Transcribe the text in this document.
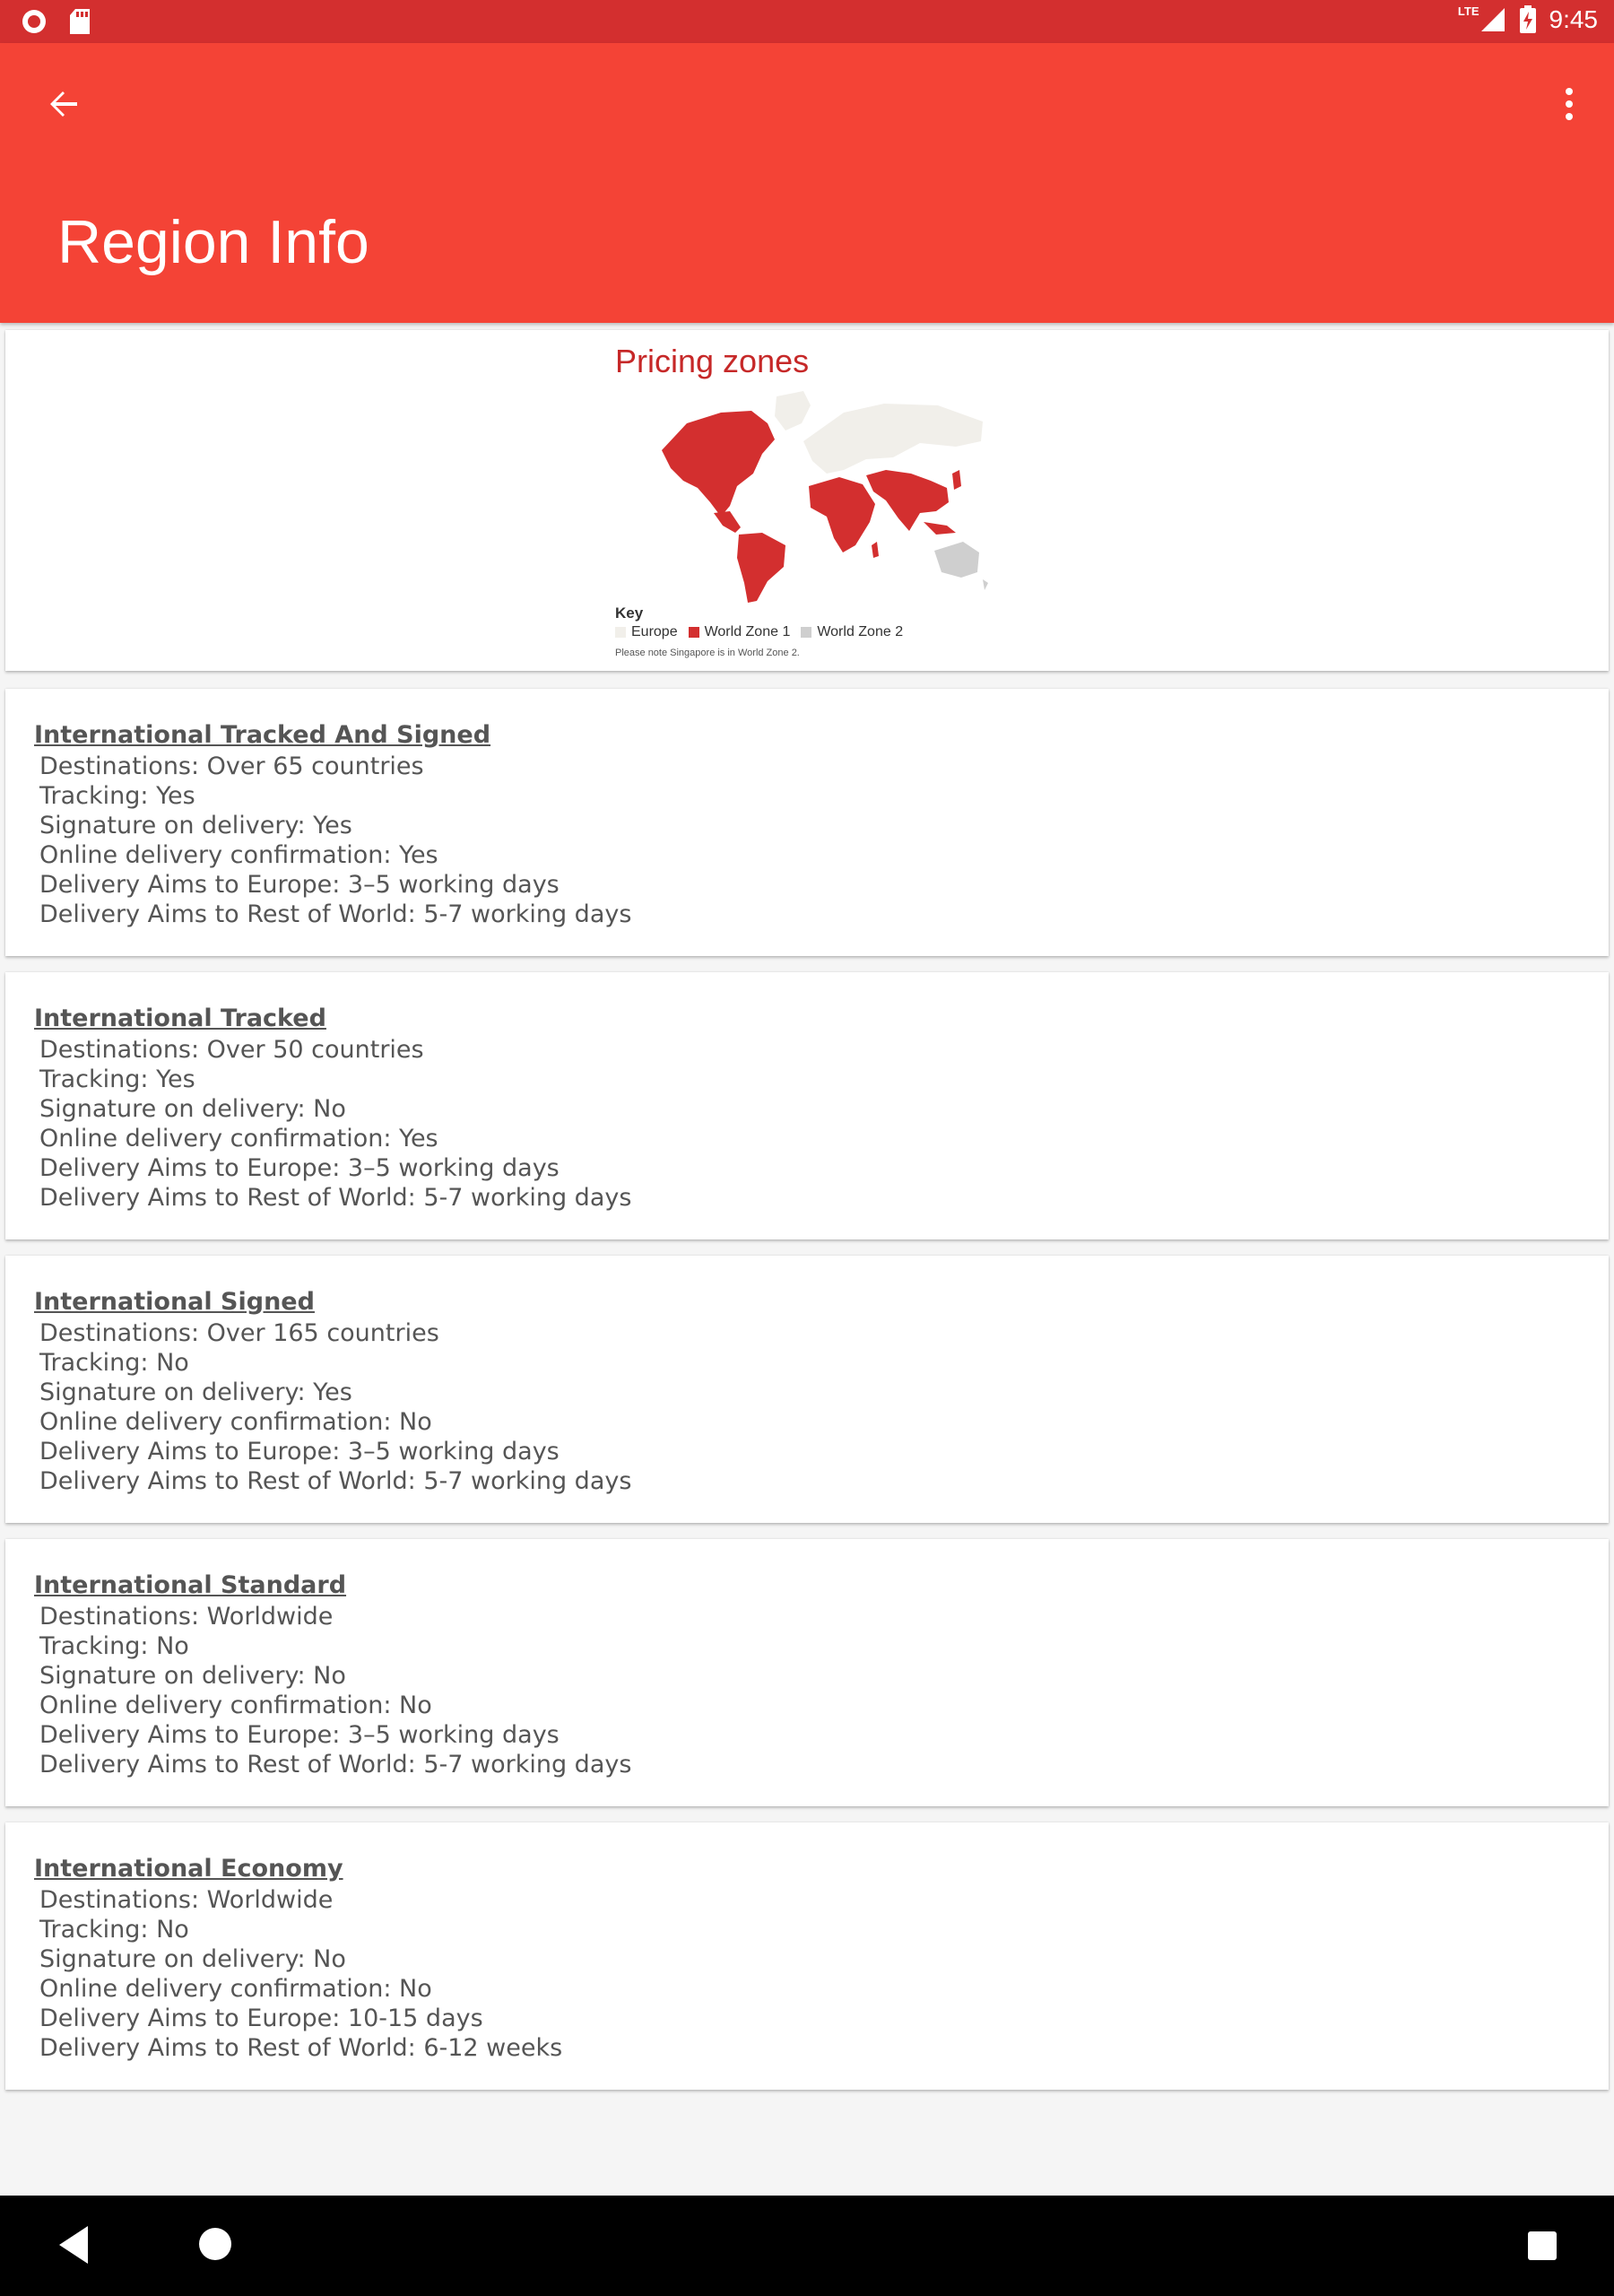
LTE	9:45
Region Info
Pricing zones
Key
Europe World Zone 1 World Zone 2
Please note Singapore is in World Zone 2.
International Tracked And Signed
Destinations: Over 65 countries
Tracking: Yes
Signature on delivery: Yes
Online delivery confirmation: Yes
Delivery Aims to Europe: 3–5 working days
Delivery Aims to Rest of World: 5-7 working days
International Tracked
Destinations: Over 50 countries
Tracking: Yes
Signature on delivery: No
Online delivery confirmation: Yes
Delivery Aims to Europe: 3–5 working days
Delivery Aims to Rest of World: 5-7 working days
International Signed
Destinations: Over 165 countries
Tracking: No
Signature on delivery: Yes
Online delivery confirmation: No
Delivery Aims to Europe: 3–5 working days
Delivery Aims to Rest of World: 5-7 working days
International Standard
Destinations: Worldwide
Tracking: No
Signature on delivery: No
Online delivery confirmation: No
Delivery Aims to Europe: 3–5 working days
Delivery Aims to Rest of World: 5-7 working days
International Economy
Destinations: Worldwide
Tracking: No
Signature on delivery: No
Online delivery confirmation: No
Delivery Aims to Europe: 10-15 days
Delivery Aims to Rest of World: 6-12 weeks
